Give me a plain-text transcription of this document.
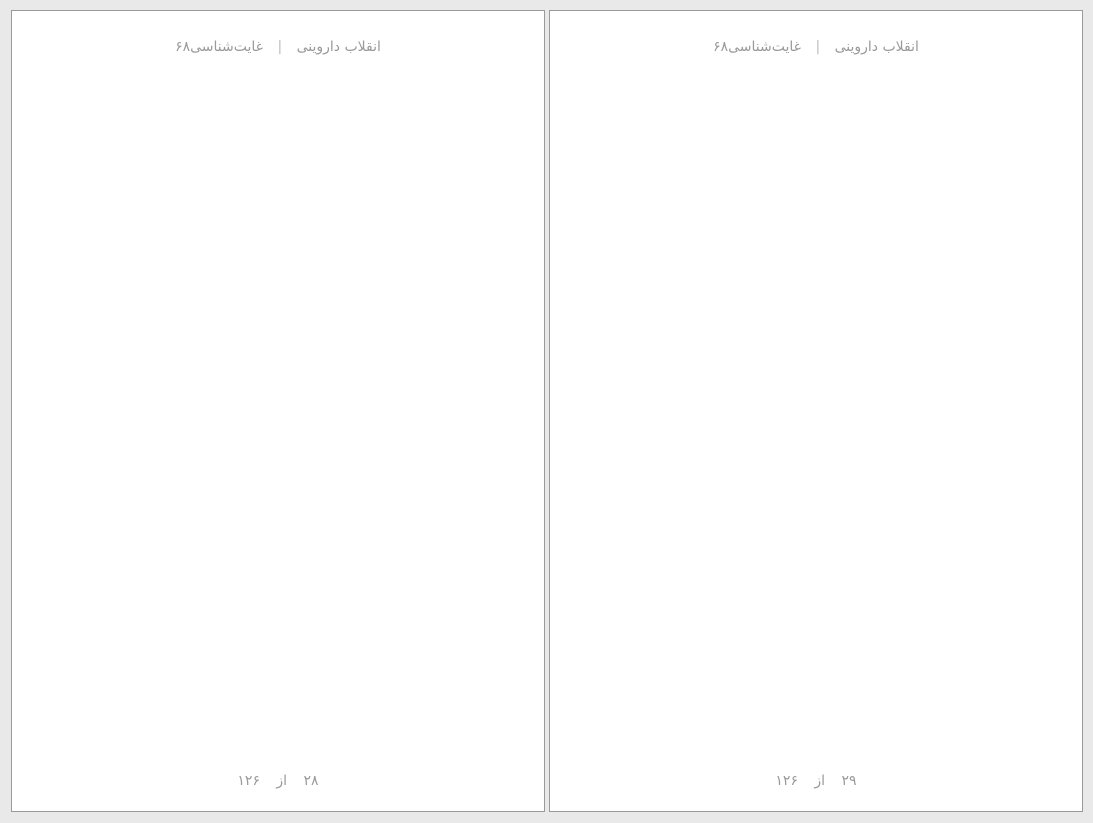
انقلاب داروینی | غایت‌شناسی۶۸

۲۹ از ۱۲۶
انقلاب داروینی | غایت‌شناسی۶۸

۲۸ از ۱۲۶
